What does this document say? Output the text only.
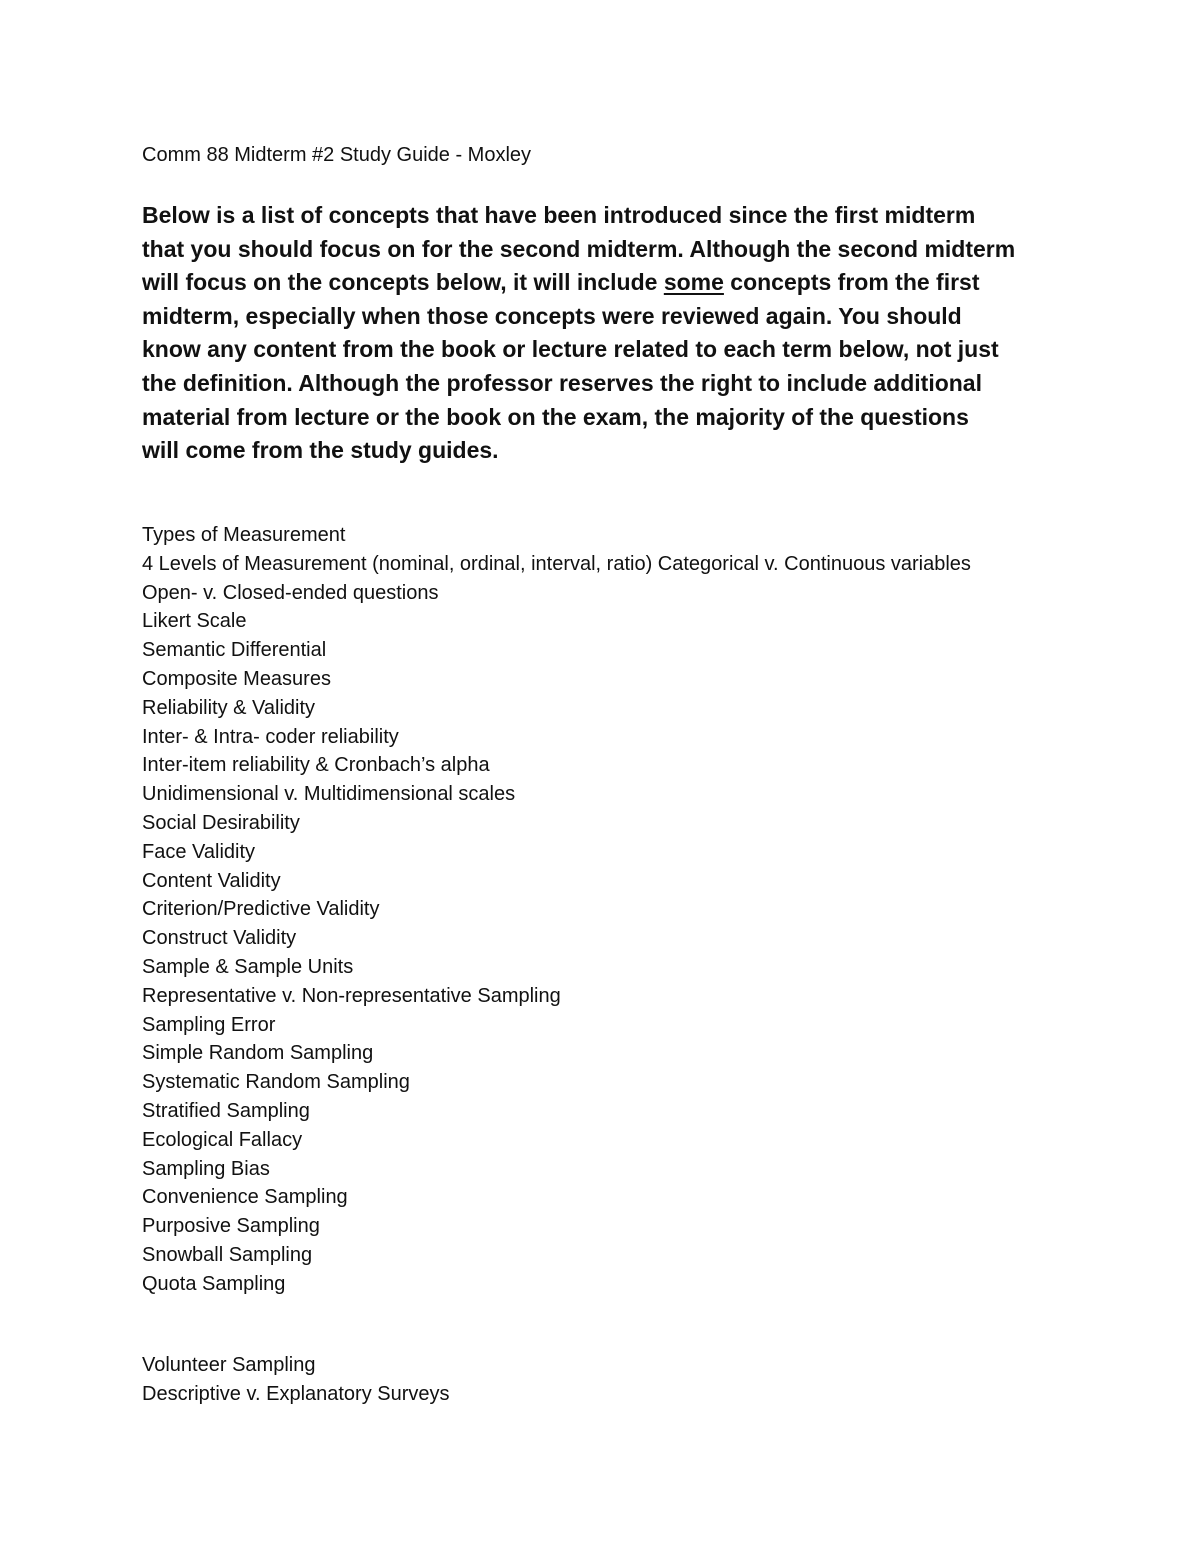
Comm 88 Midterm #2 Study Guide - Moxley
Below is a list of concepts that have been introduced since the first midterm
that you should focus on for the second midterm. Although the second midterm
will focus on the concepts below, it will include some concepts from the first
midterm, especially when those concepts were reviewed again. You should
know any content from the book or lecture related to each term below, not just
the definition. Although the professor reserves the right to include additional
material from lecture or the book on the exam, the majority of the questions
will come from the study guides.
Types of Measurement
4 Levels of Measurement (nominal, ordinal, interval, ratio) Categorical v. Continuous variables
Open- v. Closed-ended questions
Likert Scale
Semantic Differential
Composite Measures
Reliability & Validity
Inter- & Intra- coder reliability
Inter-item reliability & Cronbach’s alpha
Unidimensional v. Multidimensional scales
Social Desirability
Face Validity
Content Validity
Criterion/Predictive Validity
Construct Validity
Sample & Sample Units
Representative v. Non-representative Sampling
Sampling Error
Simple Random Sampling
Systematic Random Sampling
Stratified Sampling
Ecological Fallacy
Sampling Bias
Convenience Sampling
Purposive Sampling
Snowball Sampling
Quota Sampling
Volunteer Sampling
Descriptive v. Explanatory Surveys
